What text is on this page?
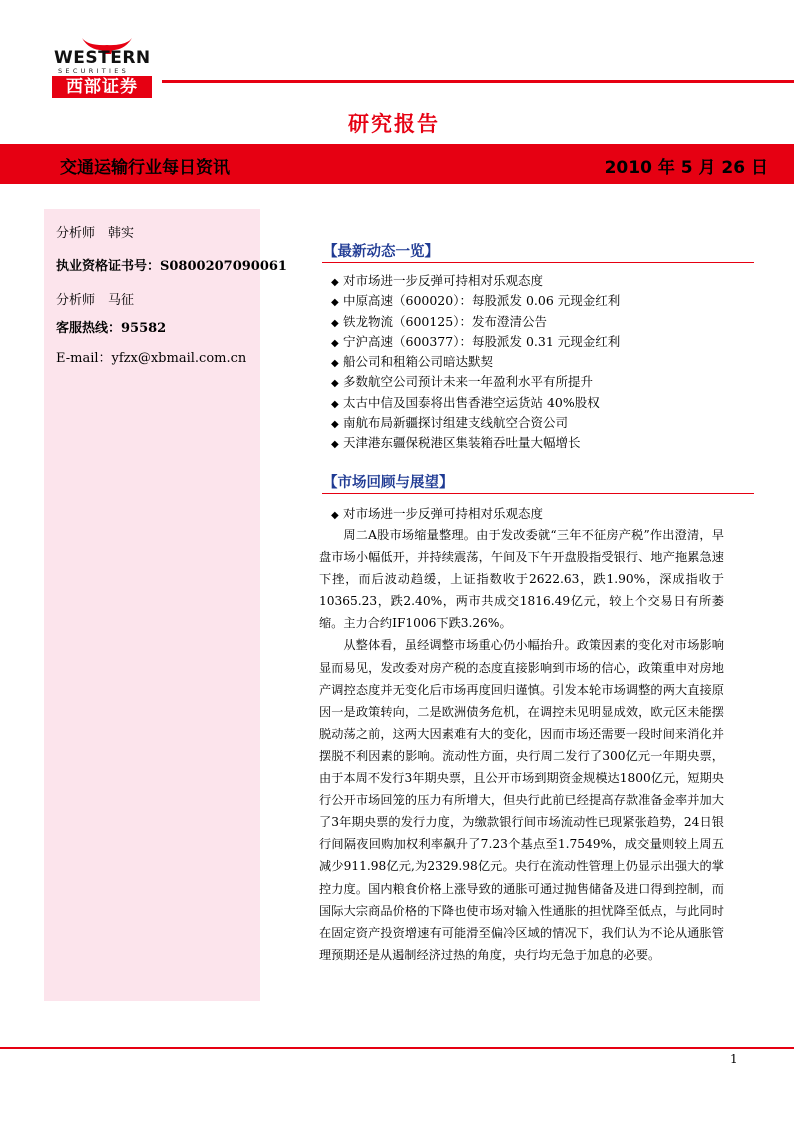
WESTERN
SECURITIES
西部证券
研究报告
交通运输行业每日资讯	2010 年 5 月 26 日
分析师　韩实
执业资格证书号：S0800207090061
分析师　马征
客服热线：95582
E-mail：yfzx@xbmail.com.cn
【最新动态一览】
◆ 对市场进一步反弹可持相对乐观态度
◆ 中原高速（600020）：每股派发 0.06 元现金红利
◆ 铁龙物流（600125）：发布澄清公告
◆ 宁沪高速（600377）：每股派发 0.31 元现金红利
◆ 船公司和租箱公司暗达默契
◆ 多数航空公司预计未来一年盈利水平有所提升
◆ 太古中信及国泰将出售香港空运货站 40%股权
◆ 南航布局新疆探讨组建支线航空合资公司
◆ 天津港东疆保税港区集装箱吞吐量大幅增长
【市场回顾与展望】
◆ 对市场进一步反弹可持相对乐观态度

周二A股市场缩量整理。由于发改委就“三年不征房产税”作出澄清，早盘市场小幅低开，并持续震荡，午间及下午开盘股指受银行、地产拖累急速下挫，而后波动趋缓，上证指数收于2622.63，跌1.90%，深成指收于10365.23，跌2.40%，两市共成交1816.49亿元，较上个交易日有所萎缩。主力合约IF1006下跌3.26%。

从整体看，虽经调整市场重心仍小幅抬升。政策因素的变化对市场影响显而易见，发改委对房产税的态度直接影响到市场的信心，政策重申对房地产调控态度并无变化后市场再度回归谨慎。引发本轮市场调整的两大直接原因一是政策转向，二是欧洲债务危机，在调控未见明显成效，欧元区未能摆脱动荡之前，这两大因素难有大的变化，因而市场还需要一段时间来消化并摆脱不利因素的影响。流动性方面，央行周二发行了300亿元一年期央票，由于本周不发行3年期央票，且公开市场到期资金规模达1800亿元，短期央行公开市场回笼的压力有所增大，但央行此前已经提高存款准备金率并加大了3年期央票的发行力度，为缴款银行间市场流动性已现紧张趋势，24日银行间隔夜回购加权利率飙升了7.23个基点至1.7549%，成交量则较上周五减少911.98亿元,为2329.98亿元。央行在流动性管理上仍显示出强大的掌控力度。国内粮食价格上涨导致的通胀可通过抛售储备及进口得到控制，而国际大宗商品价格的下降也使市场对输入性通胀的担忧降至低点，与此同时在固定资产投资增速有可能滑至偏冷区域的情况下，我们认为不论从通胀管理预期还是从遏制经济过热的角度，央行均无急于加息的必要。

1
